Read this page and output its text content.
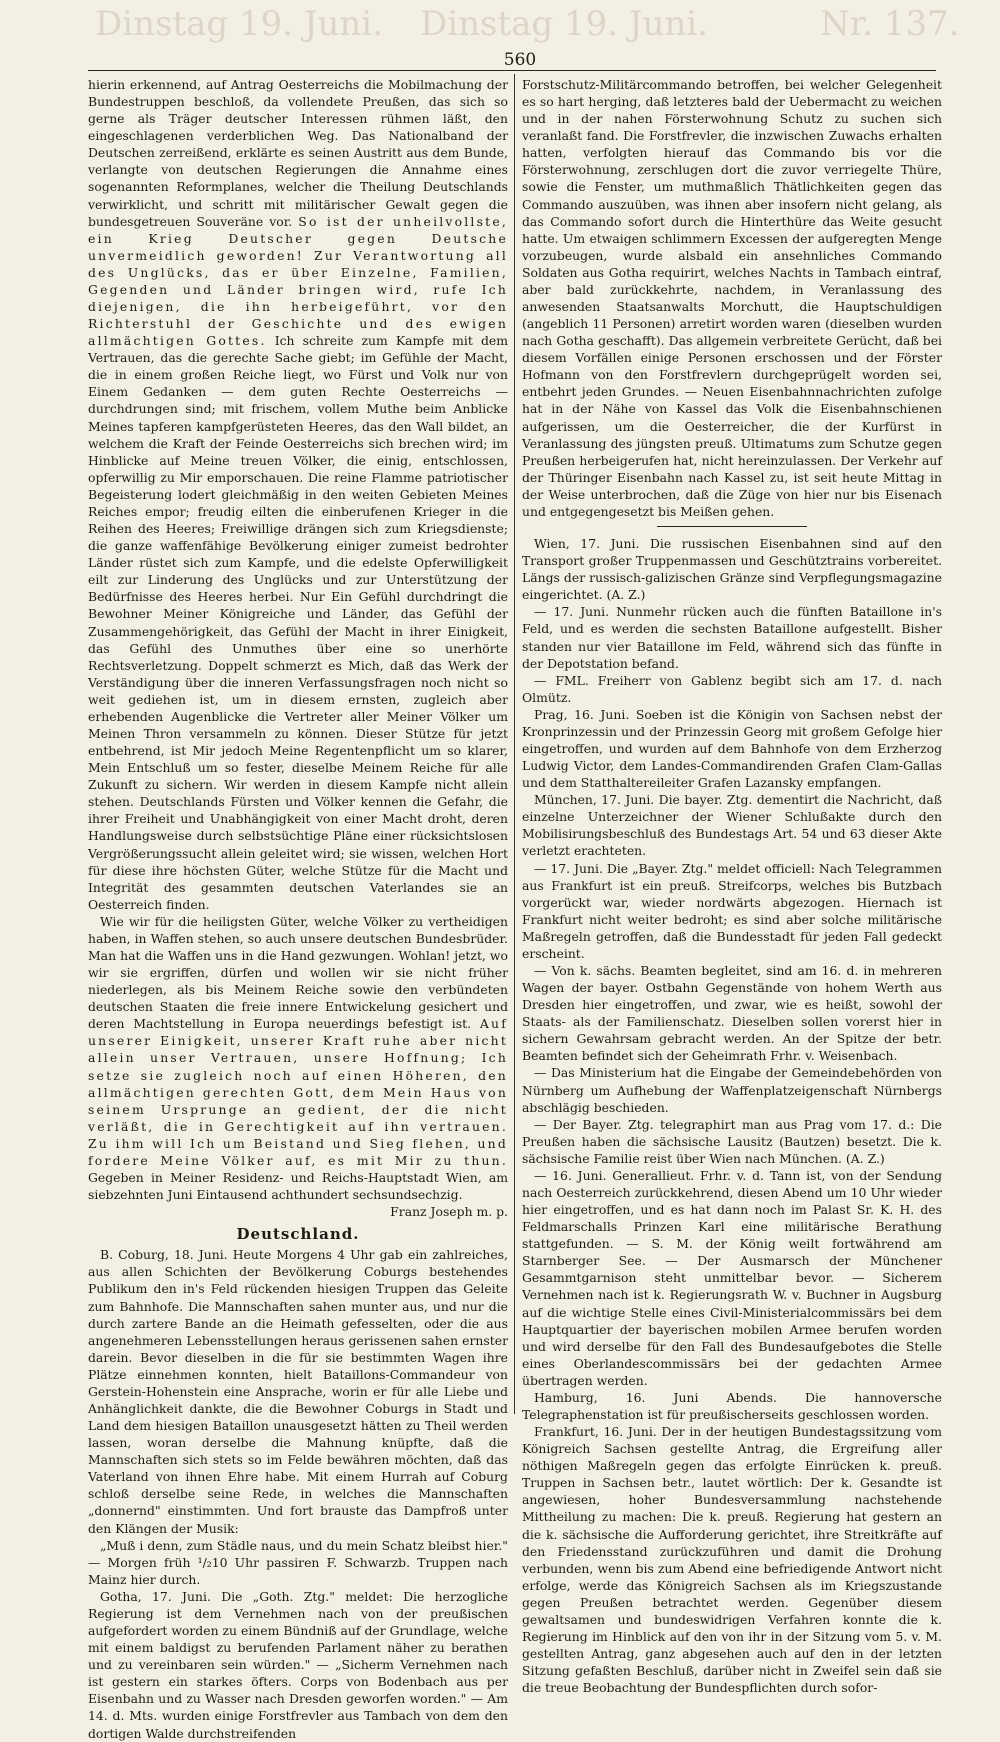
Dinstag 19. Juni. Dinstag 19. Juni.	Nr. 137.
560

hierin erkennend, auf Antrag Oesterreichs die Mobilmachung der Bundestruppen beschloß, da vollendete Preußen, das sich so gerne als Träger deutscher Interessen rühmen läßt, den eingeschlagenen verderblichen Weg. Das Nationalband der Deutschen zerreißend, erklärte es seinen Austritt aus dem Bunde, verlangte von deutschen Regierungen die Annahme eines sogenannten Reformplanes, welcher die Theilung Deutschlands verwirklicht, und schritt mit militärischer Gewalt gegen die bundesgetreuen Souveräne vor. So ist der unheilvollste, ein Krieg Deutscher gegen Deutsche unvermeidlich geworden! Zur Verantwortung all des Unglücks, das er über Einzelne, Familien, Gegenden und Länder bringen wird, rufe Ich diejenigen, die ihn herbeigeführt, vor den Richterstuhl der Geschichte und des ewigen allmächtigen Gottes. Ich schreite zum Kampfe mit dem Vertrauen, das die gerechte Sache giebt; im Gefühle der Macht, die in einem großen Reiche liegt, wo Fürst und Volk nur von Einem Gedanken — dem guten Rechte Oesterreichs — durchdrungen sind; mit frischem, vollem Muthe beim Anblicke Meines tapferen kampfgerüsteten Heeres, das den Wall bildet, an welchem die Kraft der Feinde Oesterreichs sich brechen wird; im Hinblicke auf Meine treuen Völker, die einig, entschlossen, opferwillig zu Mir emporschauen. Die reine Flamme patriotischer Begeisterung lodert gleichmäßig in den weiten Gebieten Meines Reiches empor; freudig eilten die einberufenen Krieger in die Reihen des Heeres; Freiwillige drängen sich zum Kriegsdienste; die ganze waffenfähige Bevölkerung einiger zumeist bedrohter Länder rüstet sich zum Kampfe, und die edelste Opferwilligkeit eilt zur Linderung des Unglücks und zur Unterstützung der Bedürfnisse des Heeres herbei. Nur Ein Gefühl durchdringt die Bewohner Meiner Königreiche und Länder, das Gefühl der Zusammengehörigkeit, das Gefühl der Macht in ihrer Einigkeit, das Gefühl des Unmuthes über eine so unerhörte Rechtsverletzung. Doppelt schmerzt es Mich, daß das Werk der Verständigung über die inneren Verfassungsfragen noch nicht so weit gediehen ist, um in diesem ernsten, zugleich aber erhebenden Augenblicke die Vertreter aller Meiner Völker um Meinen Thron versammeln zu können. Dieser Stütze für jetzt entbehrend, ist Mir jedoch Meine Regentenpflicht um so klarer, Mein Entschluß um so fester, dieselbe Meinem Reiche für alle Zukunft zu sichern. Wir werden in diesem Kampfe nicht allein stehen. Deutschlands Fürsten und Völker kennen die Gefahr, die ihrer Freiheit und Unabhängigkeit von einer Macht droht, deren Handlungsweise durch selbstsüchtige Pläne einer rücksichtslosen Vergrößerungssucht allein geleitet wird; sie wissen, welchen Hort für diese ihre höchsten Güter, welche Stütze für die Macht und Integrität des gesammten deutschen Vaterlandes sie an Oesterreich finden.

Wie wir für die heiligsten Güter, welche Völker zu vertheidigen haben, in Waffen stehen, so auch unsere deutschen Bundesbrüder. Man hat die Waffen uns in die Hand gezwungen. Wohlan! jetzt, wo wir sie ergriffen, dürfen und wollen wir sie nicht früher niederlegen, als bis Meinem Reiche sowie den verbündeten deutschen Staaten die freie innere Entwickelung gesichert und deren Machtstellung in Europa neuerdings befestigt ist. Auf unserer Einigkeit, unserer Kraft ruhe aber nicht allein unser Vertrauen, unsere Hoffnung; Ich setze sie zugleich noch auf einen Höheren, den allmächtigen gerechten Gott, dem Mein Haus von seinem Ursprunge an gedient, der die nicht verläßt, die in Gerechtigkeit auf ihn vertrauen. Zu ihm will Ich um Beistand und Sieg flehen, und fordere Meine Völker auf, es mit Mir zu thun. Gegeben in Meiner Residenz- und Reichs-Hauptstadt Wien, am siebzehnten Juni Eintausend achthundert sechsundsechzig.

Franz Joseph m. p.

Deutschland.

B. Coburg, 18. Juni. Heute Morgens 4 Uhr gab ein zahlreiches, aus allen Schichten der Bevölkerung Coburgs bestehendes Publikum den in's Feld rückenden hiesigen Truppen das Geleite zum Bahnhofe. Die Mannschaften sahen munter aus, und nur die durch zartere Bande an die Heimath gefesselten, oder die aus angenehmeren Lebensstellungen heraus gerissenen sahen ernster darein. Bevor dieselben in die für sie bestimmten Wagen ihre Plätze einnehmen konnten, hielt Bataillons-Commandeur von Gerstein-Hohenstein eine Ansprache, worin er für alle Liebe und Anhänglichkeit dankte, die die Bewohner Coburgs in Stadt und Land dem hiesigen Bataillon unausgesetzt hätten zu Theil werden lassen, woran derselbe die Mahnung knüpfte, daß die Mannschaften sich stets so im Felde bewähren möchten, daß das Vaterland von ihnen Ehre habe. Mit einem Hurrah auf Coburg schloß derselbe seine Rede, in welches die Mannschaften „donnernd" einstimmten. Und fort brauste das Dampfroß unter den Klängen der Musik:

„Muß i denn, zum Städle naus, und du mein Schatz bleibst hier." — Morgen früh ¹/₂10 Uhr passiren F. Schwarzb. Truppen nach Mainz hier durch.

Gotha, 17. Juni. Die „Goth. Ztg." meldet: Die herzogliche Regierung ist dem Vernehmen nach von der preußischen aufgefordert worden zu einem Bündniß auf der Grundlage, welche mit einem baldigst zu berufenden Parlament näher zu berathen und zu vereinbaren sein würden." — „Sicherm Vernehmen nach ist gestern ein starkes öfters. Corps von Bodenbach aus per Eisenbahn und zu Wasser nach Dresden geworfen worden." — Am 14. d. Mts. wurden einige Forstfrevler aus Tambach von dem den dortigen Walde durchstreifenden

Forstschutz-Militärcommando betroffen, bei welcher Gelegenheit es so hart herging, daß letzteres bald der Uebermacht zu weichen und in der nahen Försterwohnung Schutz zu suchen sich veranlaßt fand. Die Forstfrevler, die inzwischen Zuwachs erhalten hatten, verfolgten hierauf das Commando bis vor die Försterwohnung, zerschlugen dort die zuvor verriegelte Thüre, sowie die Fenster, um muthmaßlich Thätlichkeiten gegen das Commando auszuüben, was ihnen aber insofern nicht gelang, als das Commando sofort durch die Hinterthüre das Weite gesucht hatte. Um etwaigen schlimmern Excessen der aufgeregten Menge vorzubeugen, wurde alsbald ein ansehnliches Commando Soldaten aus Gotha requirirt, welches Nachts in Tambach eintraf, aber bald zurückkehrte, nachdem, in Veranlassung des anwesenden Staatsanwalts Morchutt, die Hauptschuldigen (angeblich 11 Personen) arretirt worden waren (dieselben wurden nach Gotha geschafft). Das allgemein verbreitete Gerücht, daß bei diesem Vorfällen einige Personen erschossen und der Förster Hofmann von den Forstfrevlern durchgeprügelt worden sei, entbehrt jeden Grundes. — Neuen Eisenbahnnachrichten zufolge hat in der Nähe von Kassel das Volk die Eisenbahnschienen aufgerissen, um die Oesterreicher, die der Kurfürst in Veranlassung des jüngsten preuß. Ultimatums zum Schutze gegen Preußen herbeigerufen hat, nicht hereinzulassen. Der Verkehr auf der Thüringer Eisenbahn nach Kassel zu, ist seit heute Mittag in der Weise unterbrochen, daß die Züge von hier nur bis Eisenach und entgegengesetzt bis Meißen gehen.

Wien, 17. Juni. Die russischen Eisenbahnen sind auf den Transport großer Truppenmassen und Geschütztrains vorbereitet. Längs der russisch-galizischen Gränze sind Verpflegungsmagazine eingerichtet. (A. Z.)

— 17. Juni. Nunmehr rücken auch die fünften Bataillone in's Feld, und es werden die sechsten Bataillone aufgestellt. Bisher standen nur vier Bataillone im Feld, während sich das fünfte in der Depotstation befand.

— FML. Freiherr von Gablenz begibt sich am 17. d. nach Olmütz.

Prag, 16. Juni. Soeben ist die Königin von Sachsen nebst der Kronprinzessin und der Prinzessin Georg mit großem Gefolge hier eingetroffen, und wurden auf dem Bahnhofe von dem Erzherzog Ludwig Victor, dem Landes-Commandirenden Grafen Clam-Gallas und dem Statthaltereileiter Grafen Lazansky empfangen.

München, 17. Juni. Die bayer. Ztg. dementirt die Nachricht, daß einzelne Unterzeichner der Wiener Schlußakte durch den Mobilisirungsbeschluß des Bundestags Art. 54 und 63 dieser Akte verletzt erachteten.

— 17. Juni. Die „Bayer. Ztg." meldet officiell: Nach Telegrammen aus Frankfurt ist ein preuß. Streifcorps, welches bis Butzbach vorgerückt war, wieder nordwärts abgezogen. Hiernach ist Frankfurt nicht weiter bedroht; es sind aber solche militärische Maßregeln getroffen, daß die Bundesstadt für jeden Fall gedeckt erscheint.

— Von k. sächs. Beamten begleitet, sind am 16. d. in mehreren Wagen der bayer. Ostbahn Gegenstände von hohem Werth aus Dresden hier eingetroffen, und zwar, wie es heißt, sowohl der Staats- als der Familienschatz. Dieselben sollen vorerst hier in sichern Gewahrsam gebracht werden. An der Spitze der betr. Beamten befindet sich der Geheimrath Frhr. v. Weisenbach.

— Das Ministerium hat die Eingabe der Gemeindebehörden von Nürnberg um Aufhebung der Waffenplatzeigenschaft Nürnbergs abschlägig beschieden.

— Der Bayer. Ztg. telegraphirt man aus Prag vom 17. d.: Die Preußen haben die sächsische Lausitz (Bautzen) besetzt. Die k. sächsische Familie reist über Wien nach München. (A. Z.)

— 16. Juni. Generallieut. Frhr. v. d. Tann ist, von der Sendung nach Oesterreich zurückkehrend, diesen Abend um 10 Uhr wieder hier eingetroffen, und es hat dann noch im Palast Sr. K. H. des Feldmarschalls Prinzen Karl eine militärische Berathung stattgefunden. — S. M. der König weilt fortwährend am Starnberger See. — Der Ausmarsch der Münchener Gesammtgarnison steht unmittelbar bevor. — Sicherem Vernehmen nach ist k. Regierungsrath W. v. Buchner in Augsburg auf die wichtige Stelle eines Civil-Ministerialcommissärs bei dem Hauptquartier der bayerischen mobilen Armee berufen worden und wird derselbe für den Fall des Bundesaufgebotes die Stelle eines Oberlandescommissärs bei der gedachten Armee übertragen werden.

Hamburg, 16. Juni Abends. Die hannoversche Telegraphenstation ist für preußischerseits geschlossen worden.

Frankfurt, 16. Juni. Der in der heutigen Bundestagssitzung vom Königreich Sachsen gestellte Antrag, die Ergreifung aller nöthigen Maßregeln gegen das erfolgte Einrücken k. preuß. Truppen in Sachsen betr., lautet wörtlich: Der k. Gesandte ist angewiesen, hoher Bundesversammlung nachstehende Mittheilung zu machen: Die k. preuß. Regierung hat gestern an die k. sächsische die Aufforderung gerichtet, ihre Streitkräfte auf den Friedensstand zurückzuführen und damit die Drohung verbunden, wenn bis zum Abend eine befriedigende Antwort nicht erfolge, werde das Königreich Sachsen als im Kriegszustande gegen Preußen betrachtet werden. Gegenüber diesem gewaltsamen und bundeswidrigen Verfahren konnte die k. Regierung im Hinblick auf den von ihr in der Sitzung vom 5. v. M. gestellten Antrag, ganz abgesehen auch auf den in der letzten Sitzung gefaßten Beschluß, darüber nicht in Zweifel sein daß sie die treue Beobachtung der Bundespflichten durch sofor-
